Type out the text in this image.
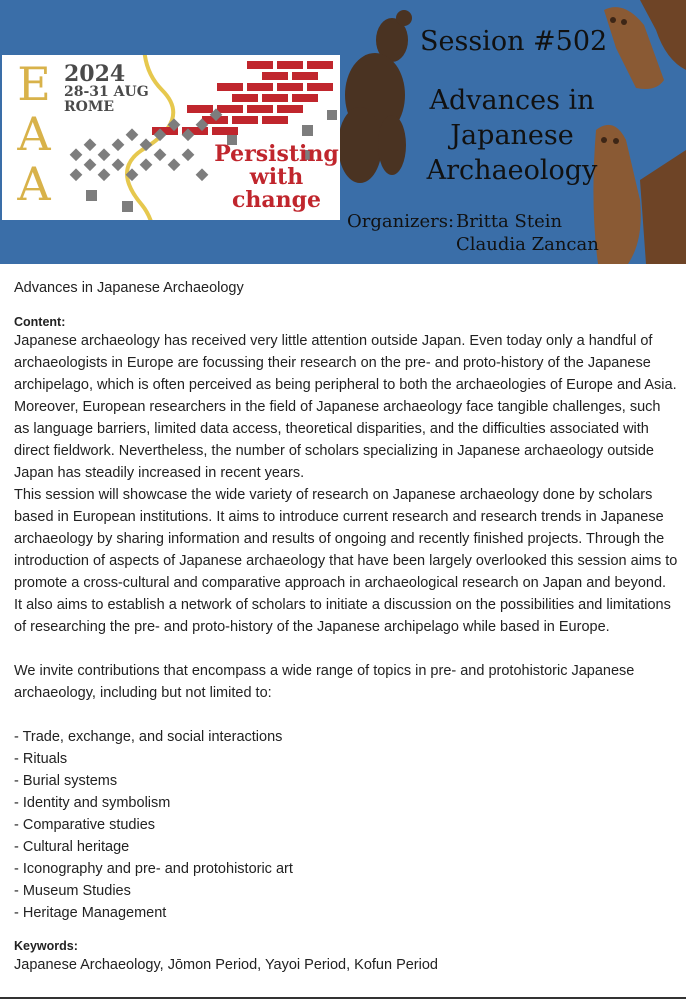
E
A
A
2024
28-31 AUG
ROME
Persisting
with
change
Session #502
Advances in
Japanese
Archaeology
Organizers: Britta Stein
Claudia Zancan

Advances in Japanese Archaeology

Content:

Japanese archaeology has received very little attention outside Japan. Even today only a handful of archaeologists in Europe are focussing their research on the pre- and proto-history of the Japanese archipelago, which is often perceived as being peripheral to both the archaeologies of Europe and Asia. Moreover, European researchers in the field of Japanese archaeology face tangible challenges, such as language barriers, limited data access, theoretical disparities, and the difficulties associated with direct fieldwork. Nevertheless, the number of scholars specializing in Japanese archaeology outside Japan has steadily increased in recent years.

This session will showcase the wide variety of research on Japanese archaeology done by scholars based in European institutions. It aims to introduce current research and research trends in Japanese archaeology by sharing information and results of ongoing and recently finished projects. Through the introduction of aspects of Japanese archaeology that have been largely overlooked this session aims to promote a cross-cultural and comparative approach in archaeological research on Japan and beyond. It also aims to establish a network of scholars to initiate a discussion on the possibilities and limitations of researching the pre- and proto-history of the Japanese archipelago while based in Europe.

We invite contributions that encompass a wide range of topics in pre- and protohistoric Japanese archaeology, including but not limited to:

- Trade, exchange, and social interactions
- Rituals
- Burial systems
- Identity and symbolism
- Comparative studies
- Cultural heritage
- Iconography and pre- and protohistoric art
- Museum Studies
- Heritage Management
Keywords:

Japanese Archaeology, Jōmon Period, Yayoi Period, Kofun Period
